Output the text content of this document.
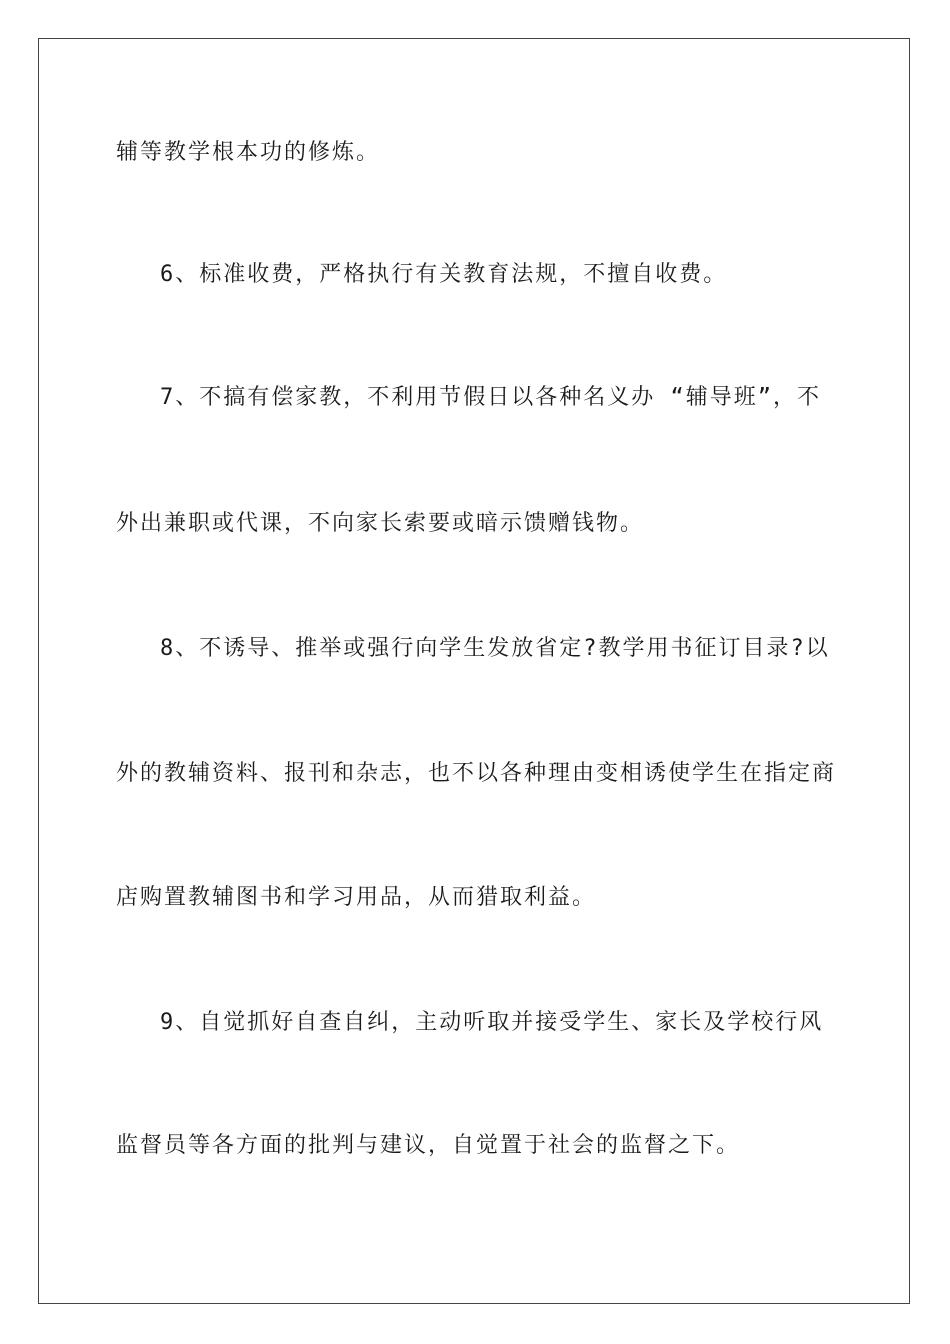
辅等教学根本功的修炼。
6、标准收费，严格执行有关教育法规，不擅自收费。
7、不搞有偿家教，不利用节假日以各种名义办 “辅导班”，不
外出兼职或代课，不向家长索要或暗示馈赠钱物。
8、不诱导、推举或强行向学生发放省定?教学用书征订目录?以
外的教辅资料、报刊和杂志，也不以各种理由变相诱使学生在指定商
店购置教辅图书和学习用品，从而猎取利益。
9、自觉抓好自查自纠，主动听取并接受学生、家长及学校行风
监督员等各方面的批判与建议，自觉置于社会的监督之下。
